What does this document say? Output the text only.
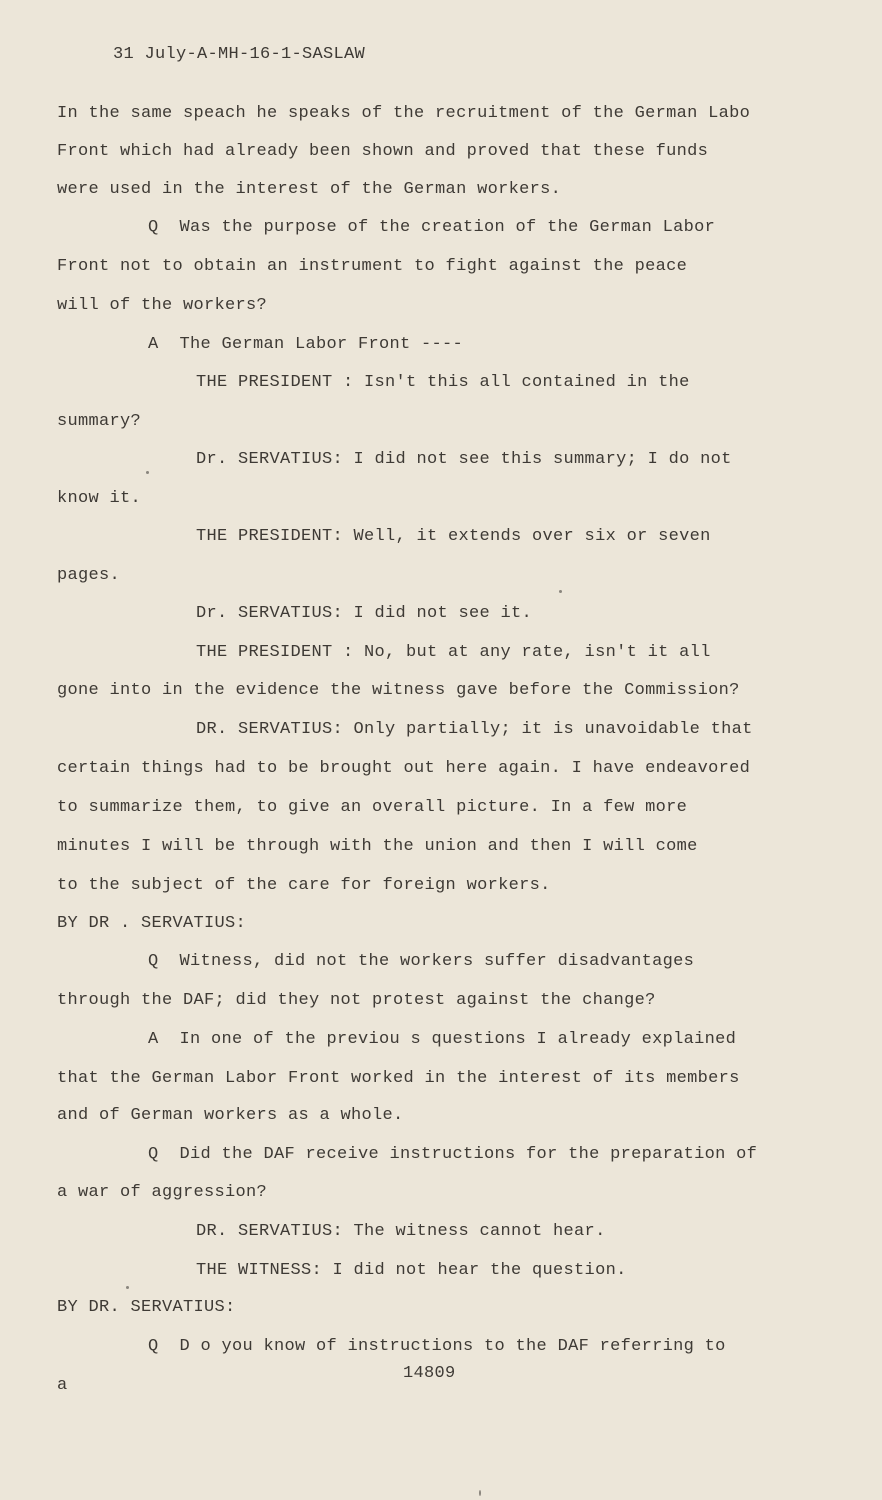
31 July-A-MH-16-1-SASLAW
In the same speach he speaks of the recruitment of the German Labo
Front which had already been shown and proved that these funds
were used in the interest of the German workers.
Q  Was the purpose of the creation of the German Labor
Front not to obtain an instrument to fight against the peace
will of the workers?
A  The German Labor Front ----
THE PRESIDENT : Isn't this all contained in the
summary?
Dr. SERVATIUS: I did not see this summary; I do not
know it.
THE PRESIDENT: Well, it extends over six or seven
pages.
Dr. SERVATIUS: I did not see it.
THE PRESIDENT : No, but at any rate, isn't it all
gone into in the evidence the witness gave before the Commission?
DR. SERVATIUS: Only partially; it is unavoidable that
certain things had to be brought out here again. I have endeavored
to summarize them, to give an overall picture. In a few more
minutes I will be through with the union and then I will come
to the subject of the care for foreign workers.
BY DR . SERVATIUS:
Q  Witness, did not the workers suffer disadvantages
through the DAF; did they not protest against the change?
A  In one of the previou s questions I already explained
that the German Labor Front worked in the interest of its members
and of German workers as a whole.
Q  Did the DAF receive instructions for the preparation of
a war of aggression?
DR. SERVATIUS: The witness cannot hear.
THE WITNESS: I did not hear the question.
BY DR. SERVATIUS:
Q  D o you know of instructions to the DAF referring to
14809
a
